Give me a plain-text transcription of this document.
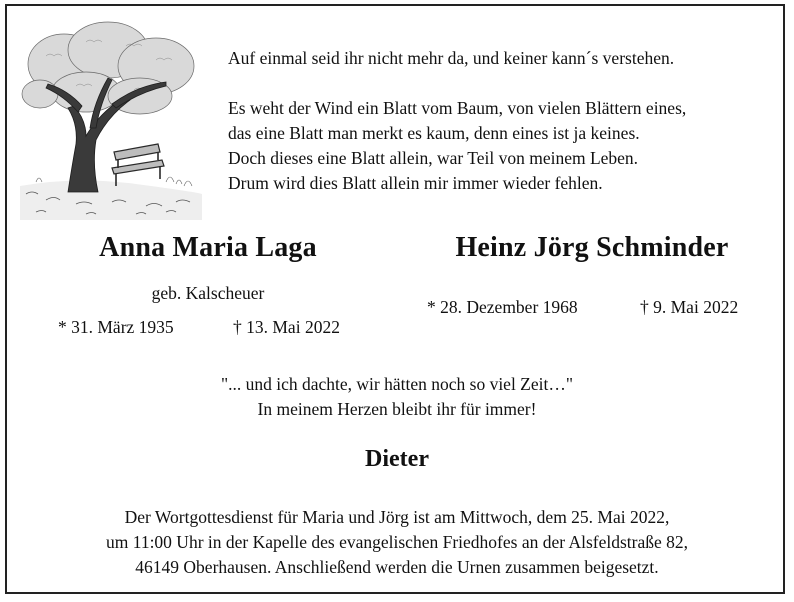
Auf einmal seid ihr nicht mehr da, und keiner kann´s verstehen.
Es weht der Wind ein Blatt vom Baum, von vielen Blättern eines,
das eine Blatt man merkt es kaum, denn eines ist ja keines.
Doch dieses eine Blatt allein, war Teil von meinem Leben.
Drum wird dies Blatt allein mir immer wieder fehlen.
Anna Maria Laga
geb. Kalscheuer
* 31. März 1935	† 13. Mai 2022
Heinz Jörg Schminder
* 28. Dezember 1968	† 9. Mai 2022
"... und ich dachte, wir hätten noch so viel Zeit…"
In meinem Herzen bleibt ihr für immer!
Dieter
Der Wortgottesdienst für Maria und Jörg ist am Mittwoch, dem 25. Mai 2022,
um 11:00 Uhr in der Kapelle des evangelischen Friedhofes an der Alsfeldstraße 82,
46149 Oberhausen. Anschließend werden die Urnen zusammen beigesetzt.
